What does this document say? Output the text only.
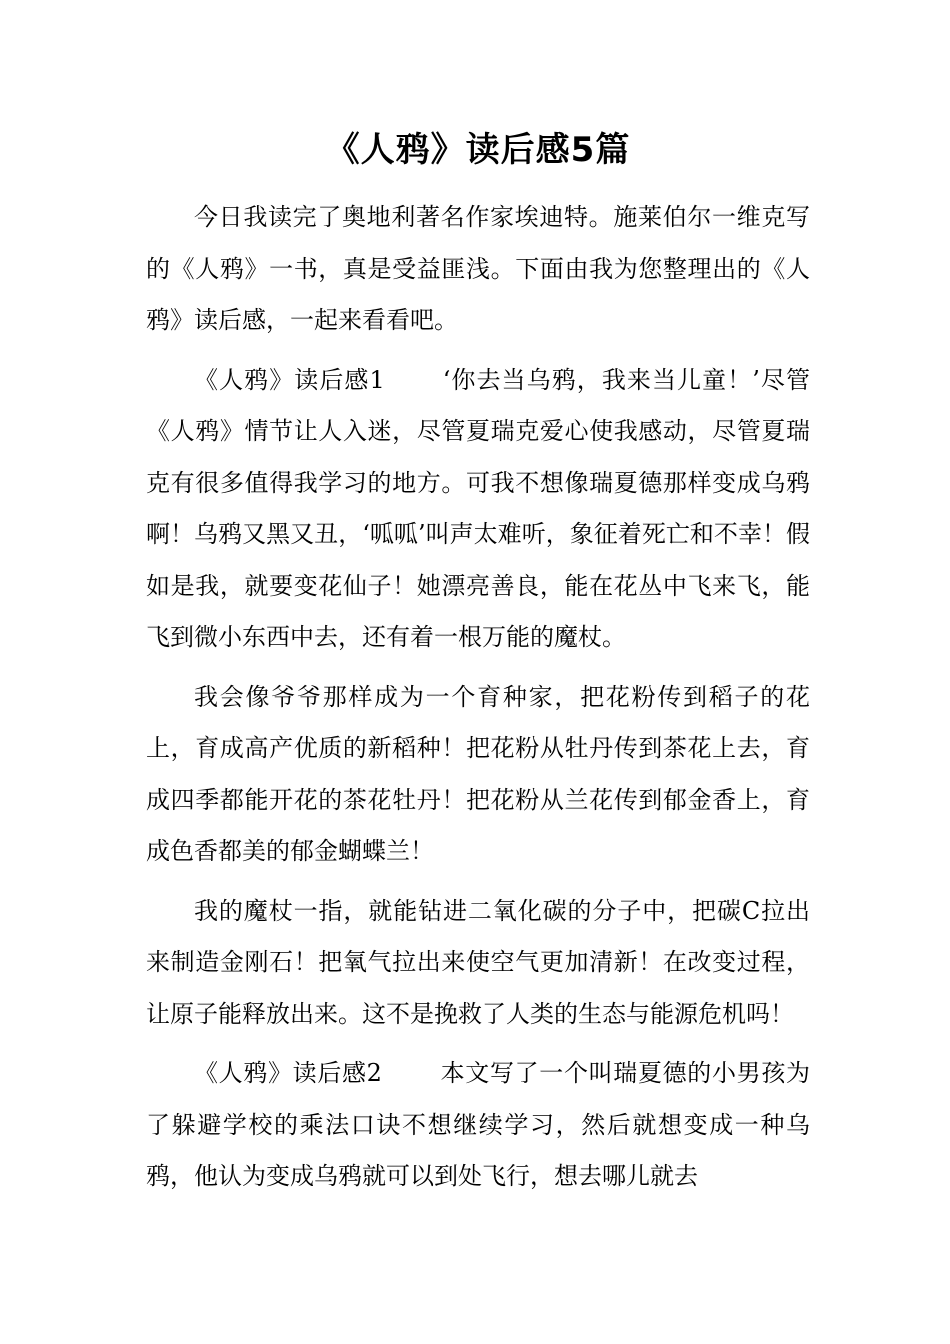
《人鸦》读后感5篇

今日我读完了奥地利著名作家埃迪特。施莱伯尔一维克写的《人鸦》一书，真是受益匪浅。下面由我为您整理出的《人鸦》读后感，一起来看看吧。

《人鸦》读后感1 ‘你去当乌鸦，我来当儿童！’尽管《人鸦》情节让人入迷，尽管夏瑞克爱心使我感动，尽管夏瑞克有很多值得我学习的地方。可我不想像瑞夏德那样变成乌鸦啊！乌鸦又黑又丑，‘呱呱’叫声太难听，象征着死亡和不幸！假如是我，就要变花仙子！她漂亮善良，能在花丛中飞来飞，能飞到微小东西中去，还有着一根万能的魔杖。

我会像爷爷那样成为一个育种家，把花粉传到稻子的花上，育成高产优质的新稻种！把花粉从牡丹传到茶花上去，育成四季都能开花的茶花牡丹！把花粉从兰花传到郁金香上，育成色香都美的郁金蝴蝶兰！

我的魔杖一指，就能钻进二氧化碳的分子中，把碳C拉出来制造金刚石！把氧气拉出来使空气更加清新！在改变过程，让原子能释放出来。这不是挽救了人类的生态与能源危机吗！

《人鸦》读后感2 本文写了一个叫瑞夏德的小男孩为了躲避学校的乘法口诀不想继续学习，然后就想变成一种乌鸦，他认为变成乌鸦就可以到处飞行，想去哪儿就去
